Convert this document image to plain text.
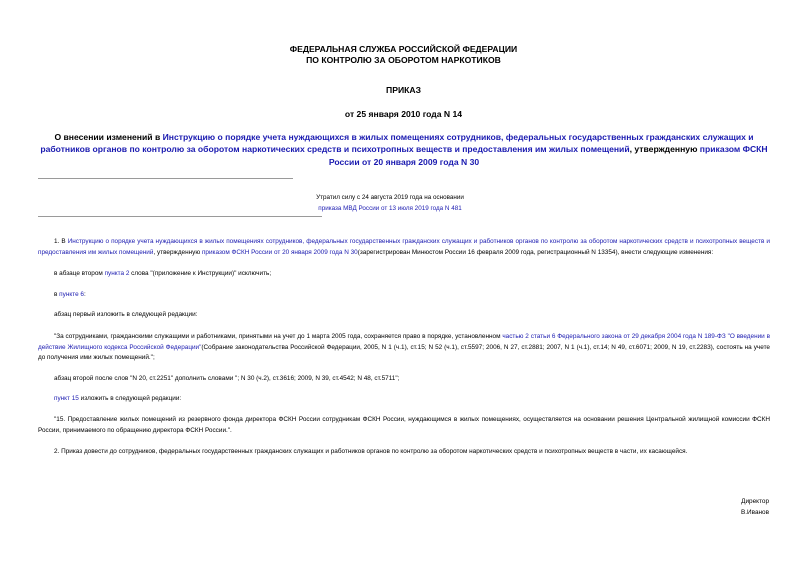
ФЕДЕРАЛЬНАЯ СЛУЖБА РОССИЙСКОЙ ФЕДЕРАЦИИ
ПО КОНТРОЛЮ ЗА ОБОРОТОМ НАРКОТИКОВ
ПРИКАЗ
от 25 января 2010 года N 14
О внесении изменений в Инструкцию о порядке учета нуждающихся в жилых помещениях сотрудников, федеральных государственных гражданских служащих и работников органов по контролю за оборотом наркотических средств и психотропных веществ и предоставления им жилых помещений, утвержденную приказом ФСКН России от 20 января 2009 года N 30
Утратил силу с 24 августа 2019 года на основании
приказа МВД России от 13 июля 2019 года N 481

1. В Инструкцию о порядке учета нуждающихся в жилых помещениях сотрудников, федеральных государственных гражданских служащих и работников органов по контролю за оборотом наркотических средств и психотропных веществ и предоставления им жилых помещений, утвержденную приказом ФСКН России от 20 января 2009 года N 30(зарегистрирован Минюстом России 16 февраля 2009 года, регистрационный N 13354), внести следующие изменения:

в абзаце втором пункта 2 слова "(приложение к Инструкции)" исключить;

в пункте 6:

абзац первый изложить в следующей редакции:

"За сотрудниками, гражданскими служащими и работниками, принятыми на учет до 1 марта 2005 года, сохраняется право в порядке, установленном частью 2 статьи 6 Федерального закона от 29 декабря 2004 года N 189-ФЗ "О введении в действие Жилищного кодекса Российской Федерации"(Собрание законодательства Российской Федерации, 2005, N 1 (ч.1), ст.15; N 52 (ч.1), ст.5597; 2006, N 27, ст.2881; 2007, N 1 (ч.1), ст.14; N 49, ст.6071; 2009, N 19, ст.2283), состоять на учете до получения ими жилых помещений.";

абзац второй после слов "N 20, ст.2251" дополнить словами "; N 30 (ч.2), ст.3616; 2009, N 39, ст.4542; N 48, ст.5711";

пункт 15 изложить в следующей редакции:

"15. Предоставление жилых помещений из резервного фонда директора ФСКН России сотрудникам ФСКН России, нуждающимся в жилых помещениях, осуществляется на основании решения Центральной жилищной комиссии ФСКН России, принимаемого по обращению директора ФСКН России.".

2. Приказ довести до сотрудников, федеральных государственных гражданских служащих и работников органов по контролю за оборотом наркотических средств и психотропных веществ в части, их касающейся.

Директор
В.Иванов
